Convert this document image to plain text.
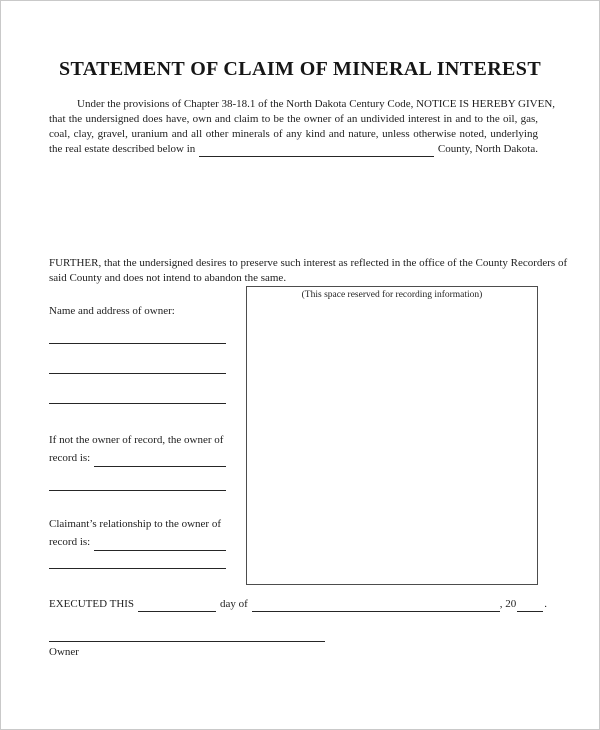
STATEMENT OF CLAIM OF MINERAL INTEREST
Under the provisions of Chapter 38-18.1 of the North Dakota Century Code, NOTICE IS HEREBY GIVEN,
that the undersigned does have, own and claim to be the owner of an undivided interest in and to the oil, gas,
coal, clay, gravel, uranium and all other minerals of any kind and nature, unless otherwise noted, underlying
the real estate described below in	County, North Dakota.
FURTHER, that the undersigned desires to preserve such interest as reflected in the office of the County Recorders of
said County and does not intend to abandon the same.
(This space reserved for recording information)
Name and address of owner:
If not the owner of record, the owner of
record is:
Claimant’s relationship to the owner of
record is:
EXECUTED THIS	day of	, 20	.
Owner
